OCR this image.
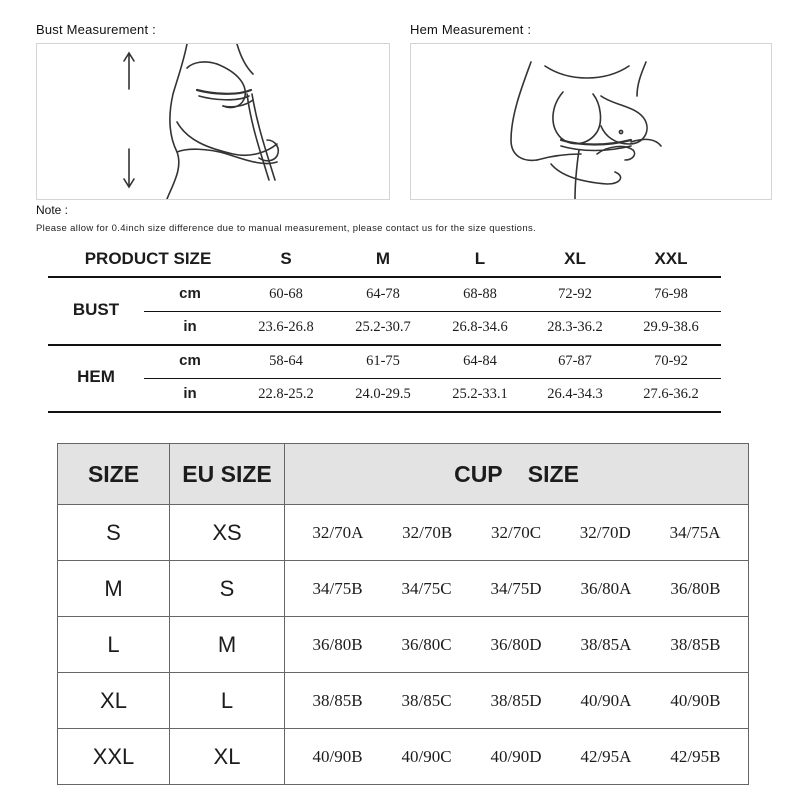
Bust Measurement :	Hem Measurement :
Note :
Please allow for 0.4inch size difference due to manual measurement, please contact us for the size questions.
PRODUCT SIZE	S	M	L	XL	XXL
BUST
cm	60-68	64-78	68-88	72-92	76-98
in	23.6-26.8	25.2-30.7	26.8-34.6	28.3-36.2	29.9-38.6
HEM
cm	58-64	61-75	64-84	67-87	70-92
in	22.8-25.2	24.0-29.5	25.2-33.1	26.4-34.3	27.6-36.2
SIZE	EU SIZE	CUP    SIZE
S	XS	32/70A 32/70B 32/70C 32/70D 34/75A

M	S	34/75B 34/75C 34/75D 36/80A 36/80B

L	M	36/80B 36/80C 36/80D 38/85A 38/85B

XL	L	38/85B 38/85C 38/85D 40/90A 40/90B

XXL	XL	40/90B 40/90C 40/90D 42/95A 42/95B
